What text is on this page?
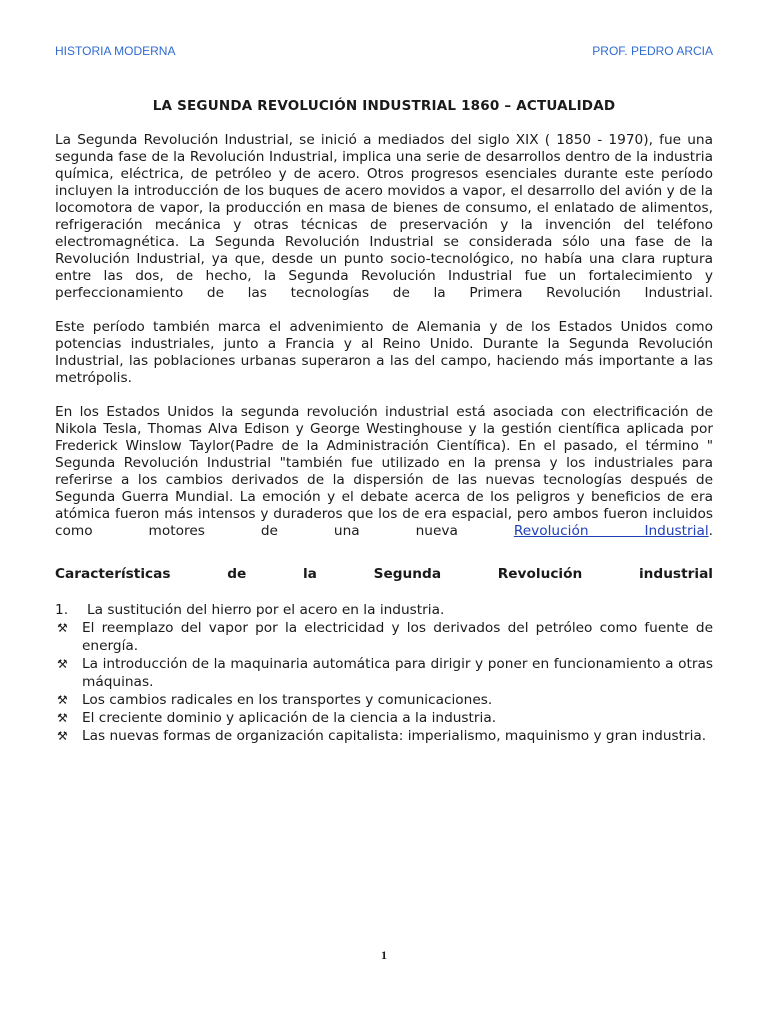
HISTORIA MODERNA	PROF. PEDRO ARCIA
LA SEGUNDA REVOLUCIÓN INDUSTRIAL 1860 – ACTUALIDAD

La Segunda Revolución Industrial, se inició a mediados del siglo XIX ( 1850 - 1970), fue una segunda fase de la Revolución Industrial, implica una serie de desarrollos dentro de la industria química, eléctrica, de petróleo y de acero. Otros progresos esenciales durante este período incluyen la introducción de los buques de acero movidos a vapor, el desarrollo del avión y de la locomotora de vapor, la producción en masa de bienes de consumo, el enlatado de alimentos, refrigeración mecánica y otras técnicas de preservación y la invención del teléfono electromagnética. La Segunda Revolución Industrial se considerada sólo una fase de la Revolución Industrial, ya que, desde un punto socio-tecnológico, no había una clara ruptura entre las dos, de hecho, la Segunda Revolución Industrial fue un fortalecimiento y perfeccionamiento de las tecnologías de la Primera Revolución Industrial.

Este período también marca el advenimiento de Alemania y de los Estados Unidos como potencias industriales, junto a Francia y al Reino Unido. Durante la Segunda Revolución Industrial, las poblaciones urbanas superaron a las del campo, haciendo más importante a las metrópolis.

En los Estados Unidos la segunda revolución industrial está asociada con electrificación de Nikola Tesla, Thomas Alva Edison y George Westinghouse y la gestión científica aplicada por Frederick Winslow Taylor(Padre de la Administración Científica). En el pasado, el término " Segunda Revolución Industrial "también fue utilizado en la prensa y los industriales para referirse a los cambios derivados de la dispersión de las nuevas tecnologías después de Segunda Guerra Mundial. La emoción y el debate acerca de los peligros y beneficios de era atómica fueron más intensos y duraderos que los de era espacial, pero ambos fueron incluidos como motores de una nueva	Revolución Industrial.

Características de la Segunda Revolución industrial
1. La sustitución del hierro por el acero en la industria.
⚒ El reemplazo del vapor por la electricidad y los derivados del petróleo como fuente de energía.
⚒ La introducción de la maquinaria automática para dirigir y poner en funcionamiento a otras máquinas.
⚒ Los cambios radicales en los transportes y comunicaciones.
⚒ El creciente dominio y aplicación de la ciencia a la industria.
⚒ Las nuevas formas de organización capitalista: imperialismo, maquinismo y gran industria.
1
